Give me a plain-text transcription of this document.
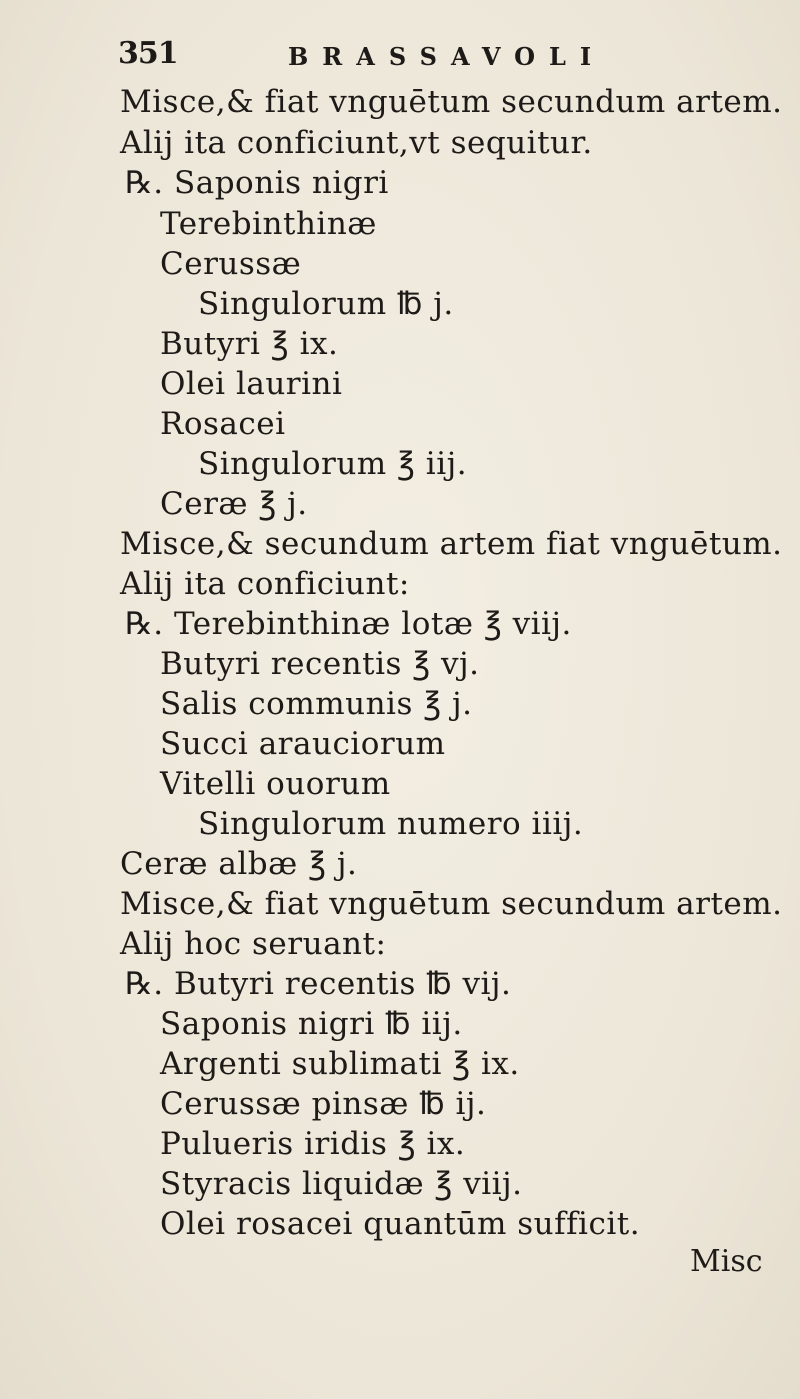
351	BRASSAVOLI
Misce,& fiat vnguētum secundum artem.
Alij ita conficiunt,vt sequitur.
℞. Saponis nigri
Terebinthinæ
Cerussæ
Singulorum ℔ j.
Butyri ℥ ix.
Olei laurini
Rosacei
Singulorum ℥ iij.
Ceræ ℥ j.
Misce,& secundum artem fiat vnguētum.
Alij ita conficiunt:
℞. Terebinthinæ lotæ ℥ viij.
Butyri recentis ℥ vj.
Salis communis ℥ j.
Succi arauciorum
Vitelli ouorum
Singulorum numero iiij.
Ceræ albæ ℥ j.
Misce,& fiat vnguētum secundum artem.
Alij hoc seruant:
℞. Butyri recentis ℔ vij.
Saponis nigri ℔ iij.
Argenti sublimati ℥ ix.
Cerussæ pinsæ ℔ ij.
Pulueris iridis ℥ ix.
Styracis liquidæ ℥ viij.
Olei rosacei quantūm sufficit.
Misc
